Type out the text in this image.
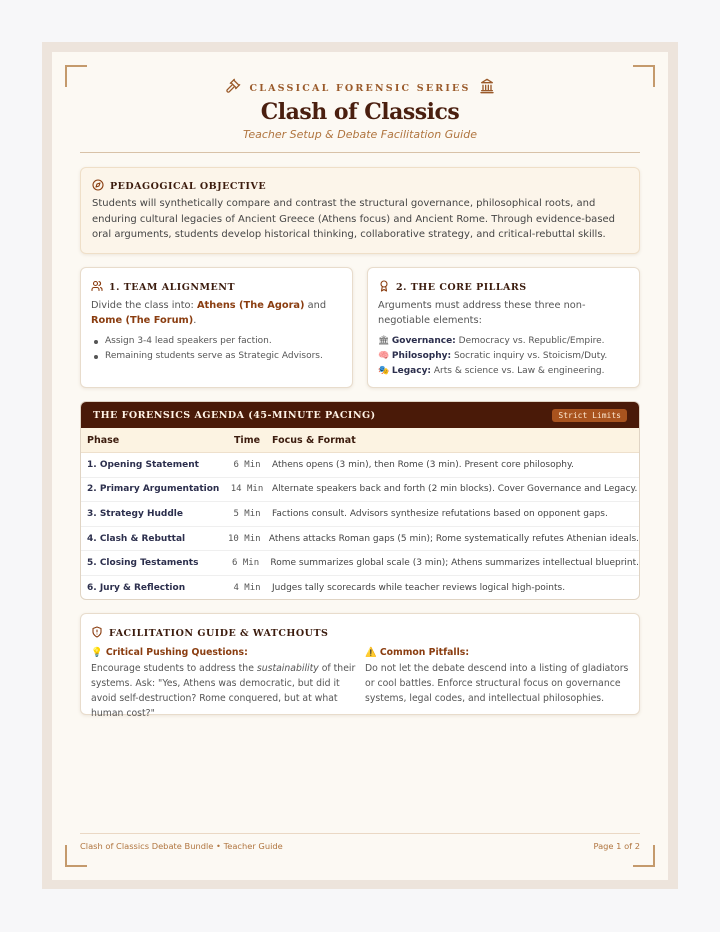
CLASSICAL FORENSIC SERIES
Clash of Classics
Teacher Setup & Debate Facilitation Guide
PEDAGOGICAL OBJECTIVE
Students will synthetically compare and contrast the structural governance, philosophical roots, and enduring cultural legacies of Ancient Greece (Athens focus) and Ancient Rome. Through evidence-based oral arguments, students develop historical thinking, collaborative strategy, and critical-rebuttal skills.
1. TEAM ALIGNMENT
Divide the class into: Athens (The Agora) and Rome (The Forum).
Assign 3-4 lead speakers per faction.
Remaining students serve as Strategic Advisors.
2. THE CORE PILLARS
Arguments must address these three non-negotiable elements:
🏛 Governance: Democracy vs. Republic/Empire.
🧠 Philosophy: Socratic inquiry vs. Stoicism/Duty.
🎭 Legacy: Arts & science vs. Law & engineering.
THE FORENSICS AGENDA (45-MINUTE PACING)	Strict Limits
Phase	Time	Focus & Format
1. Opening Statement	6 Min	Athens opens (3 min), then Rome (3 min). Present core philosophy.
2. Primary Argumentation	14 Min Alternate speakers back and forth (2 min blocks). Cover Governance and Legacy.
3. Strategy Huddle	5 Min	Factions consult. Advisors synthesize refutations based on opponent gaps.
4. Clash & Rebuttal	10 Min Athens attacks Roman gaps (5 min); Rome systematically refutes Athenian ideals.
5. Closing Testaments	6 Min	Rome summarizes global scale (3 min); Athens summarizes intellectual blueprint.
6. Jury & Reflection	4 Min	Judges tally scorecards while teacher reviews logical high-points.
FACILITATION GUIDE & WATCHOUTS
💡 Critical Pushing Questions:
Encourage students to address the sustainability of their systems. Ask: "Yes, Athens was democratic, but did it avoid self-destruction? Rome conquered, but at what human cost?"
⚠️ Common Pitfalls:
Do not let the debate descend into a listing of gladiators or cool battles. Enforce structural focus on governance systems, legal codes, and intellectual philosophies.
Clash of Classics Debate Bundle • Teacher Guide	Page 1 of 2
